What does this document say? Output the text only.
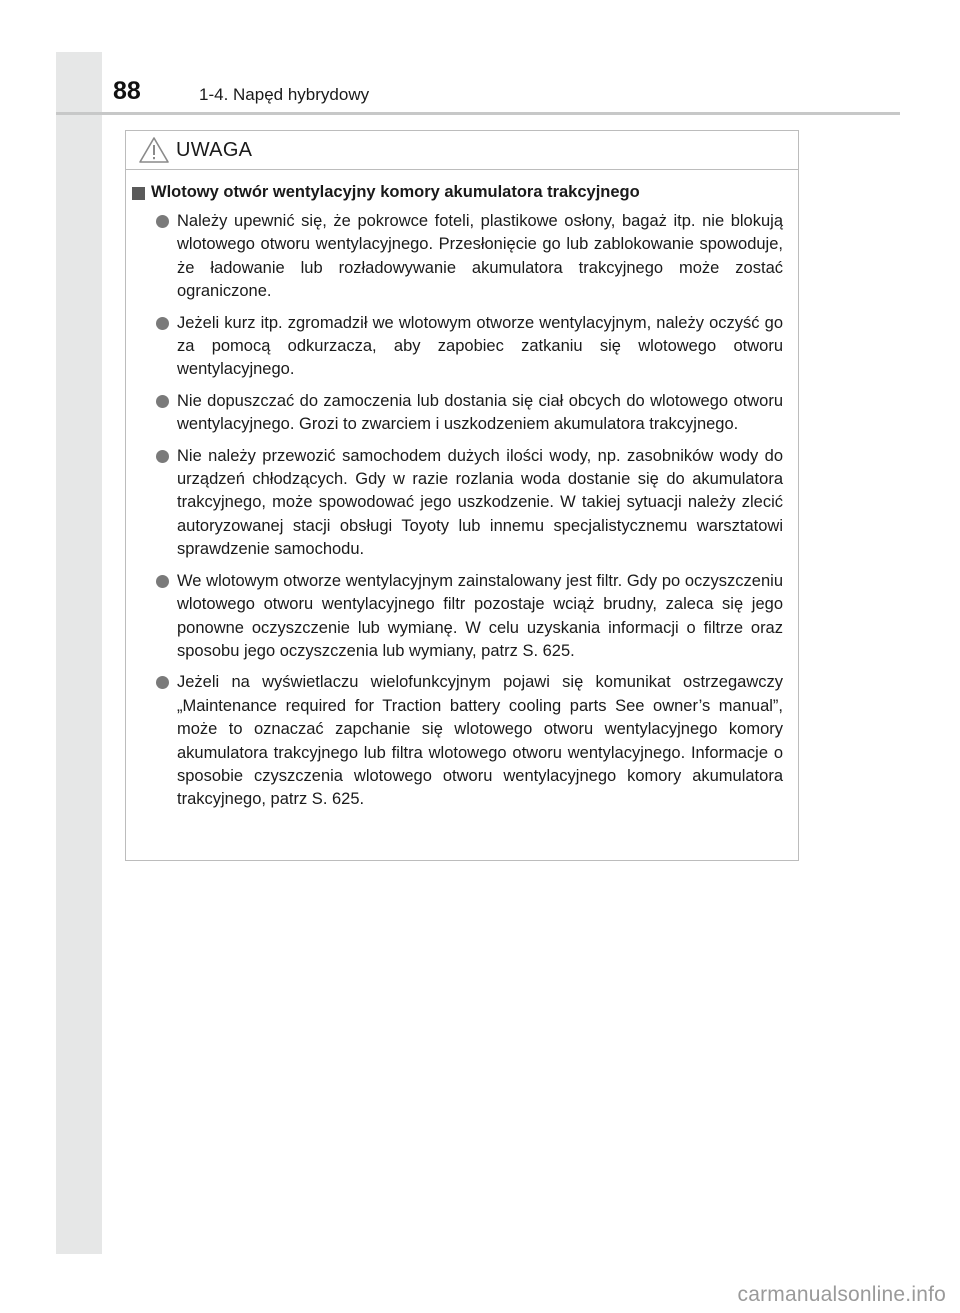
88	1-4. Napęd hybrydowy
UWAGA
Wlotowy otwór wentylacyjny komory akumulatora trakcyjnego
Należy upewnić się, że pokrowce foteli, plastikowe osłony, bagaż itp. nie blokują wlotowego otworu wentylacyjnego. Przesłonięcie go lub zablokowanie spowoduje, że ładowanie lub rozładowywanie akumulatora trakcyjnego może zostać ograniczone.
Jeżeli kurz itp. zgromadził we wlotowym otworze wentylacyjnym, należy oczyść go za pomocą odkurzacza, aby zapobiec zatkaniu się wlotowego otworu wentylacyjnego.
Nie dopuszczać do zamoczenia lub dostania się ciał obcych do wlotowego otworu wentylacyjnego. Grozi to zwarciem i uszkodzeniem akumulatora trakcyjnego.
Nie należy przewozić samochodem dużych ilości wody, np. zasobników wody do urządzeń chłodzących. Gdy w razie rozlania woda dostanie się do akumulatora trakcyjnego, może spowodować jego uszkodzenie. W takiej sytuacji należy zlecić autoryzowanej stacji obsługi Toyoty lub innemu specjalistycznemu warsztatowi sprawdzenie samochodu.
We wlotowym otworze wentylacyjnym zainstalowany jest filtr. Gdy po oczyszczeniu wlotowego otworu wentylacyjnego filtr pozostaje wciąż brudny, zaleca się jego ponowne oczyszczenie lub wymianę. W celu uzyskania informacji o filtrze oraz sposobu jego oczyszczenia lub wymiany, patrz S. 625.
Jeżeli na wyświetlaczu wielofunkcyjnym pojawi się komunikat ostrzegawczy „Maintenance required for Traction battery cooling parts See owner’s manual”, może to oznaczać zapchanie się wlotowego otworu wentylacyjnego komory akumulatora trakcyjnego lub filtra wlotowego otworu wentylacyjnego. Informacje o sposobie czyszczenia wlotowego otworu wentylacyjnego komory akumulatora trakcyjnego, patrz S. 625.
carmanualsonline.info
